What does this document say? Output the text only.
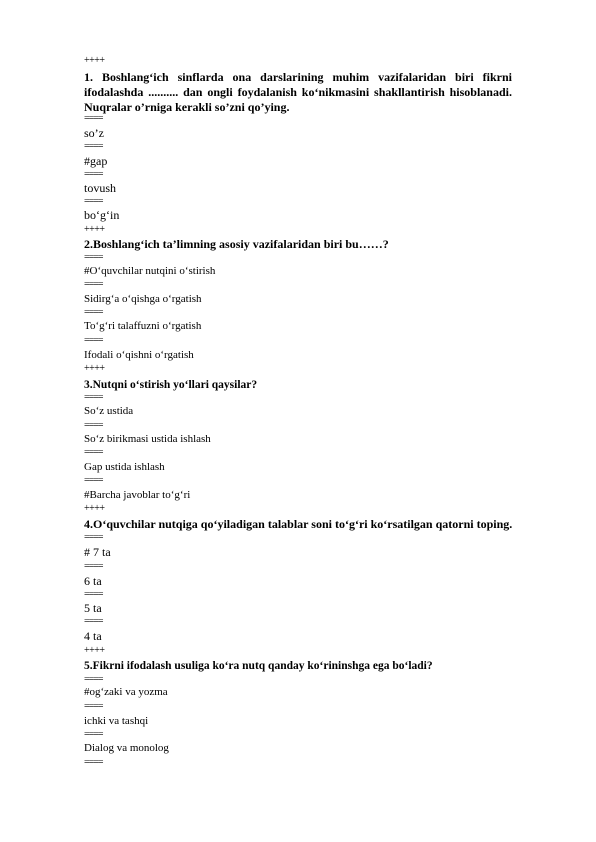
++++
1. Boshlang‘ich sinflarda ona darslarining muhim vazifalaridan biri fikrni
ifodalashda .......... dan ongli foydalanish ko‘nikmasini shakllantirish hisoblanadi.
Nuqralar o’rniga kerakli so’zni qo’ying.
====
so’z
====
#gap
====
tovush
====
bo‘g‘in
++++
2.Boshlang‘ich ta’limning asosiy vazifalaridan biri bu……?
====
#O‘quvchilar nutqini o‘stirish
====
Sidirg‘a o‘qishga o‘rgatish
====
To‘g‘ri talaffuzni o‘rgatish
====
Ifodali o‘qishni o‘rgatish
++++
3.Nutqni o‘stirish yo‘llari qaysilar?
====
So‘z ustida
====
So‘z birikmasi ustida ishlash
====
Gap ustida ishlash
====
#Barcha javoblar to‘g‘ri
++++
4.O‘quvchilar nutqiga qo‘yiladigan talablar soni to‘g‘ri ko‘rsatilgan qatorni toping.
====
# 7 ta
====
6 ta
====
5 ta
====
4 ta
++++
5.Fikrni ifodalash usuliga ko‘ra nutq qanday ko‘rininshga ega bo‘ladi?
====
#og‘zaki va yozma
====
ichki va tashqi
====
Dialog va monolog
====
